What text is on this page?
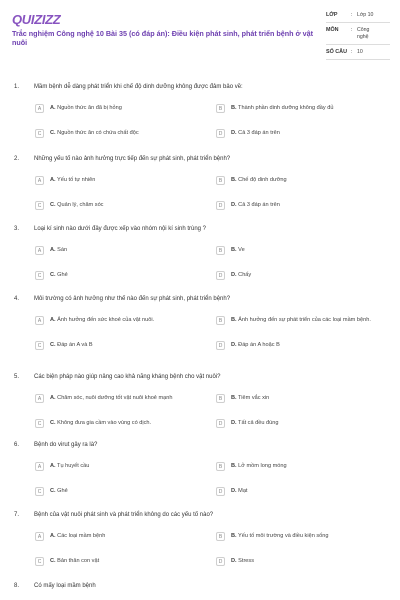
QUIZIZZ
Trắc nghiệm Công nghệ 10 Bài 35 (có đáp án): Điều kiện phát sinh, phát triển bệnh ở vật nuôi
LỚP	: Lớp 10
MÔN	: Công nghệ
SỐ CÂU : 10
1. Mầm bệnh dễ dàng phát triển khi chế độ dinh dưỡng không được đảm bảo về:
A	A. Nguồn thức ăn đã bị hỏng	B	B. Thành phần dinh dưỡng không đầy đủ
C	C. Nguồn thức ăn có chứa chất độc	D	D. Cả 3 đáp án trên
2. Những yếu tố nào ảnh hưởng trực tiếp đến sự phát sinh, phát triển bệnh?
A	A. Yếu tố tự nhiên	B	B. Chế độ dinh dưỡng
C	C. Quản lý, chăm sóc	D	D. Cả 3 đáp án trên
3. Loại kí sinh nào dưới đây được xếp vào nhóm nội kí sinh trùng ?
A	A. Sán	B	B. Ve
C	C. Ghẻ	D	D. Chấy
4. Môi trường có ảnh hưởng như thế nào đến sự phát sinh, phát triển bệnh?
A	A. Ảnh hưởng đến sức khoẻ của vật nuôi.	B	B. Ảnh hưởng đến sự phát triển của các loại mầm bệnh.
C	C. Đáp án A và B	D	D. Đáp án A hoặc B
5. Các biện pháp nào giúp nâng cao khả năng kháng bệnh cho vật nuôi?
A	A. Chăm sóc, nuôi dưỡng tốt vật nuôi khoẻ mạnh	B	B. Tiêm vắc xin
C	C. Không đưa gia cầm vào vùng có dịch.	D	D. Tất cả đều đúng
6. Bệnh do virut gây ra là?
A	A. Tụ huyết cầu	B	B. Lở mồm long móng
C	C. Ghẻ	D	D. Mạt
7. Bệnh của vật nuôi phát sinh và phát triển không do các yếu tố nào?
A	A. Các loại mầm bệnh	B	B. Yếu tố môi trường và điều kiện sống
C	C. Bản thân con vật	D	D. Stress
8. Có mấy loại mầm bệnh
